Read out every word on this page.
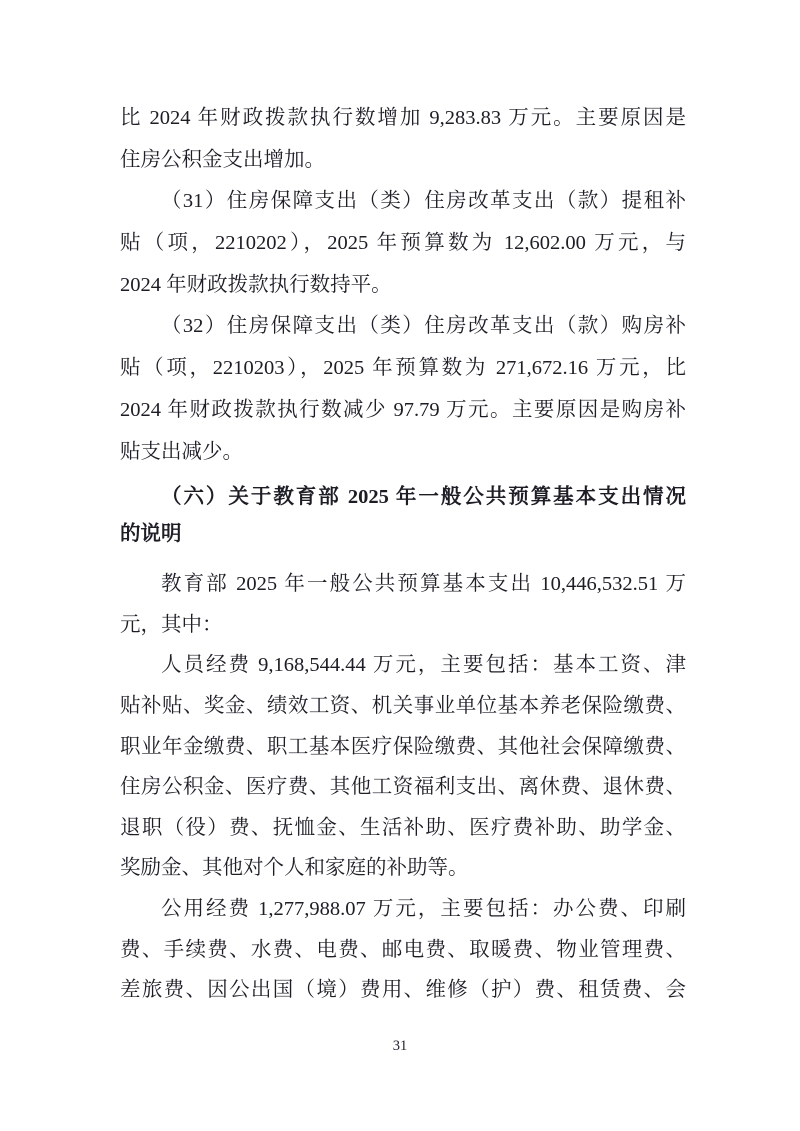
比 2024 年财政拨款执行数增加 9,283.83 万元。主要原因是
住房公积金支出增加。
（31）住房保障支出（类）住房改革支出（款）提租补
贴（项，2210202），2025 年预算数为 12,602.00 万元，与
2024 年财政拨款执行数持平。
（32）住房保障支出（类）住房改革支出（款）购房补
贴（项，2210203），2025 年预算数为 271,672.16 万元，比
2024 年财政拨款执行数减少 97.79 万元。主要原因是购房补
贴支出减少。
（六）关于教育部 2025 年一般公共预算基本支出情况
的说明
教育部 2025 年一般公共预算基本支出 10,446,532.51 万
元，其中：
人员经费 9,168,544.44 万元，主要包括：基本工资、津
贴补贴、奖金、绩效工资、机关事业单位基本养老保险缴费、
职业年金缴费、职工基本医疗保险缴费、其他社会保障缴费、
住房公积金、医疗费、其他工资福利支出、离休费、退休费、
退职（役）费、抚恤金、生活补助、医疗费补助、助学金、
奖励金、其他对个人和家庭的补助等。
公用经费 1,277,988.07 万元，主要包括：办公费、印刷
费、手续费、水费、电费、邮电费、取暖费、物业管理费、
差旅费、因公出国（境）费用、维修（护）费、租赁费、会
31
